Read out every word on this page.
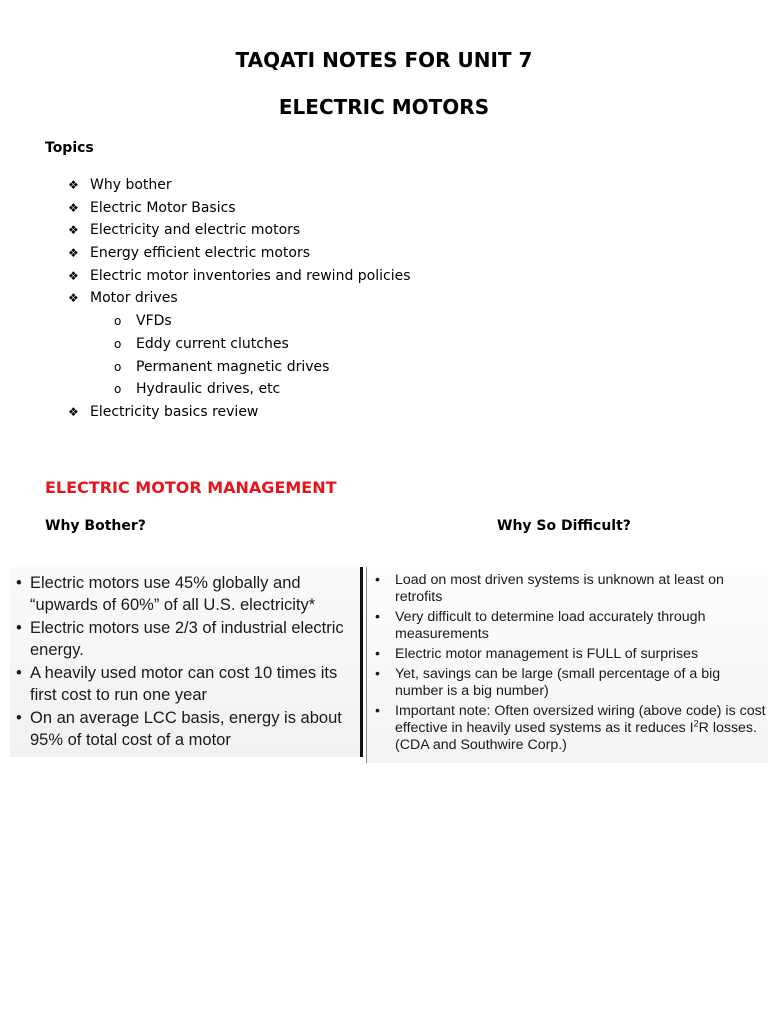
TAQATI NOTES FOR UNIT 7
ELECTRIC MOTORS
Topics
❖ Why bother
❖ Electric Motor Basics
❖ Electricity and electric motors
❖ Energy efficient electric motors
❖ Electric motor inventories and rewind policies
❖ Motor drives
o VFDs
o Eddy current clutches
o Permanent magnetic drives
o Hydraulic drives, etc
❖ Electricity basics review
ELECTRIC MOTOR MANAGEMENT
Why Bother?	Why So Difficult?
• Electric motors use 45% globally and “upwards of 60%” of all U.S. electricity*
• Electric motors use 2/3 of industrial electric energy.
• A heavily used motor can cost 10 times its first cost to run one year
• On an average LCC basis, energy is about 95% of total cost of a motor
• Load on most driven systems is unknown at least on retrofits
• Very difficult to determine load accurately through measurements
• Electric motor management is FULL of surprises
• Yet, savings can be large (small percentage of a big number is a big number)
• Important note: Often oversized wiring (above code) is cost effective in heavily used systems as it reduces $I^2R$ losses. (CDA and Southwire Corp.)
